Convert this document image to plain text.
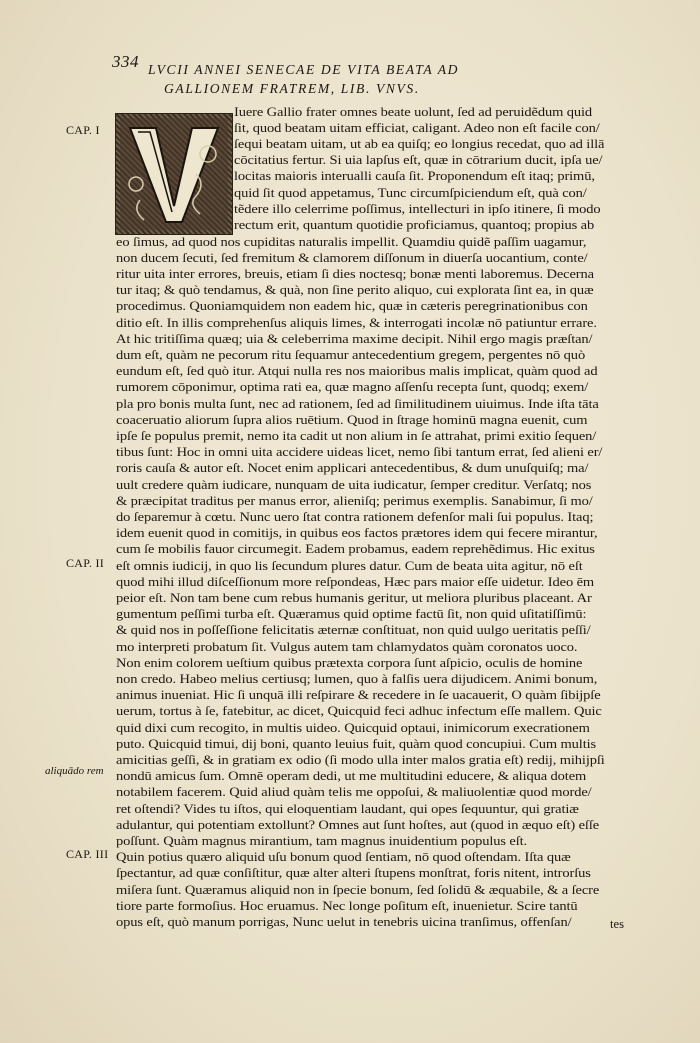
334 LVCII ANNEI SENECAE DE VITA BEATA AD
GALLIONEM FRATREM, LIB. VNVS.
CAP. I
CAP. II
CAP. III
aliquādo rem
Iuere Gallio frater omnes beate uolunt, ſed ad peruidẽdum quid
ſit, quod beatam uitam efficiat, caligant. Adeo non eſt facile con/
ſequi beatam uitam, ut ab ea quiſq; eo longius recedat, quo ad illā
cōcitatius fertur. Si uia lapſus eſt, quæ in cōtrarium ducit, ipſa ue/
locitas maioris interualli cauſa ſit. Proponendum eſt itaq; primū,
quid ſit quod appetamus, Tunc circumſpiciendum eſt, quà con/
tẽdere illo celerrime poſſimus, intellecturi in ipſo itinere, ſi modo
rectum erit, quantum quotidie proficiamus, quantoq; propius ab
eo ſimus, ad quod nos cupiditas naturalis impellit. Quamdiu quidẽ paſſim uagamur,
non ducem ſecuti, ſed fremitum & clamorem diſſonum in diuerſa uocantium, conte/
ritur uita inter errores, breuis, etiam ſi dies noctesq; bonæ menti laboremus. Decerna
tur itaq; & quò tendamus, & quà, non ſine perito aliquo, cui explorata ſint ea, in quæ
procedimus. Quoniamquidem non eadem hic, quæ in cæteris peregrinationibus con
ditio eſt. In illis comprehenſus aliquis limes, & interrogati incolæ nō patiuntur errare.
At hic tritiſſima quæq; uia & celeberrima maxime decipit. Nihil ergo magis præſtan/
dum eſt, quàm ne pecorum ritu ſequamur antecedentium gregem, pergentes nō quò
eundum eſt, ſed quò itur. Atqui nulla res nos maioribus malis implicat, quàm quod ad
rumorem cōponimur, optima rati ea, quæ magno aſſenſu recepta ſunt, quodq; exem/
pla pro bonis multa ſunt, nec ad rationem, ſed ad ſimilitudinem uiuimus. Inde iſta tāta
coaceruatio aliorum ſupra alios ruētium. Quod in ſtrage hominū magna euenit, cum
ipſe ſe populus premit, nemo ita cadit ut non alium in ſe attrahat, primi exitio ſequen/
tibus ſunt: Hoc in omni uita accidere uideas licet, nemo ſibi tantum errat, ſed alieni er/
roris cauſa & autor eſt. Nocet enim applicari antecedentibus, & dum unuſquiſq; ma/
uult credere quàm iudicare, nunquam de uita iudicatur, ſemper creditur. Verſatq; nos
& præcipitat traditus per manus error, alieniſq; perimus exemplis. Sanabimur, ſi mo/
do ſeparemur à cœtu. Nunc uero ſtat contra rationem defenſor mali ſui populus. Itaq;
idem euenit quod in comitijs, in quibus eos factos prætores idem qui fecere mirantur,
cum ſe mobilis fauor circumegit. Eadem probamus, eadem reprehẽdimus. Hic exitus
eſt omnis iudicij, in quo lis ſecundum plures datur. Cum de beata uita agitur, nō eſt
quod mihi illud diſceſſionum more reſpondeas, Hæc pars maior eſſe uidetur. Ideo ēm
peior eſt. Non tam bene cum rebus humanis geritur, ut meliora pluribus placeant. Ar
gumentum peſſimi turba eſt. Quæramus quid optime factū ſit, non quid uſitatiſſimū:
& quid nos in poſſeſſione felicitatis æternæ conſtituat, non quid uulgo ueritatis peſſi/
mo interpreti probatum ſit. Vulgus autem tam chlamydatos quàm coronatos uoco.
Non enim colorem ueſtium quibus prætexta corpora ſunt aſpicio, oculis de homine
non credo. Habeo melius certiusq; lumen, quo à falſis uera dijudicem. Animi bonum,
animus inueniat. Hic ſi unquā illi reſpirare & recedere in ſe uacauerit, O quàm ſibijpſe
uerum, tortus à ſe, fatebitur, ac dicet, Quicquid feci adhuc infectum eſſe mallem. Quic
quid dixi cum recogito, in multis uideo. Quicquid optaui, inimicorum execrationem
puto. Quicquid timui, dij boni, quanto leuius fuit, quàm quod concupiui. Cum multis
amicitias geſſi, & in gratiam ex odio (ſi modo ulla inter malos gratia eſt) redij, mihijpſi
nondū amicus ſum. Omnē operam dedi, ut me multitudini educere, & aliqua dotem
notabilem facerem. Quid aliud quàm telis me oppoſui, & maliuolentiæ quod morde/
ret oſtendi? Vides tu iſtos, qui eloquentiam laudant, qui opes ſequuntur, qui gratiæ
adulantur, qui potentiam extollunt? Omnes aut ſunt hoſtes, aut (quod in æquo eſt) eſſe
poſſunt. Quàm magnus mirantium, tam magnus inuidentium populus eſt.
Quin potius quæro aliquid uſu bonum quod ſentiam, nō quod oſtendam. Iſta quæ
ſpectantur, ad quæ conſiſtitur, quæ alter alteri ſtupens monſtrat, foris nitent, introrſus
miſera ſunt. Quæramus aliquid non in ſpecie bonum, ſed ſolidū & æquabile, & a ſecre
tiore parte formoſius. Hoc eruamus. Nec longe poſitum eſt, inuenietur. Scire tantū
opus eſt, quò manum porrigas, Nunc uelut in tenebris uicina tranſimus, offenſan/	tes
